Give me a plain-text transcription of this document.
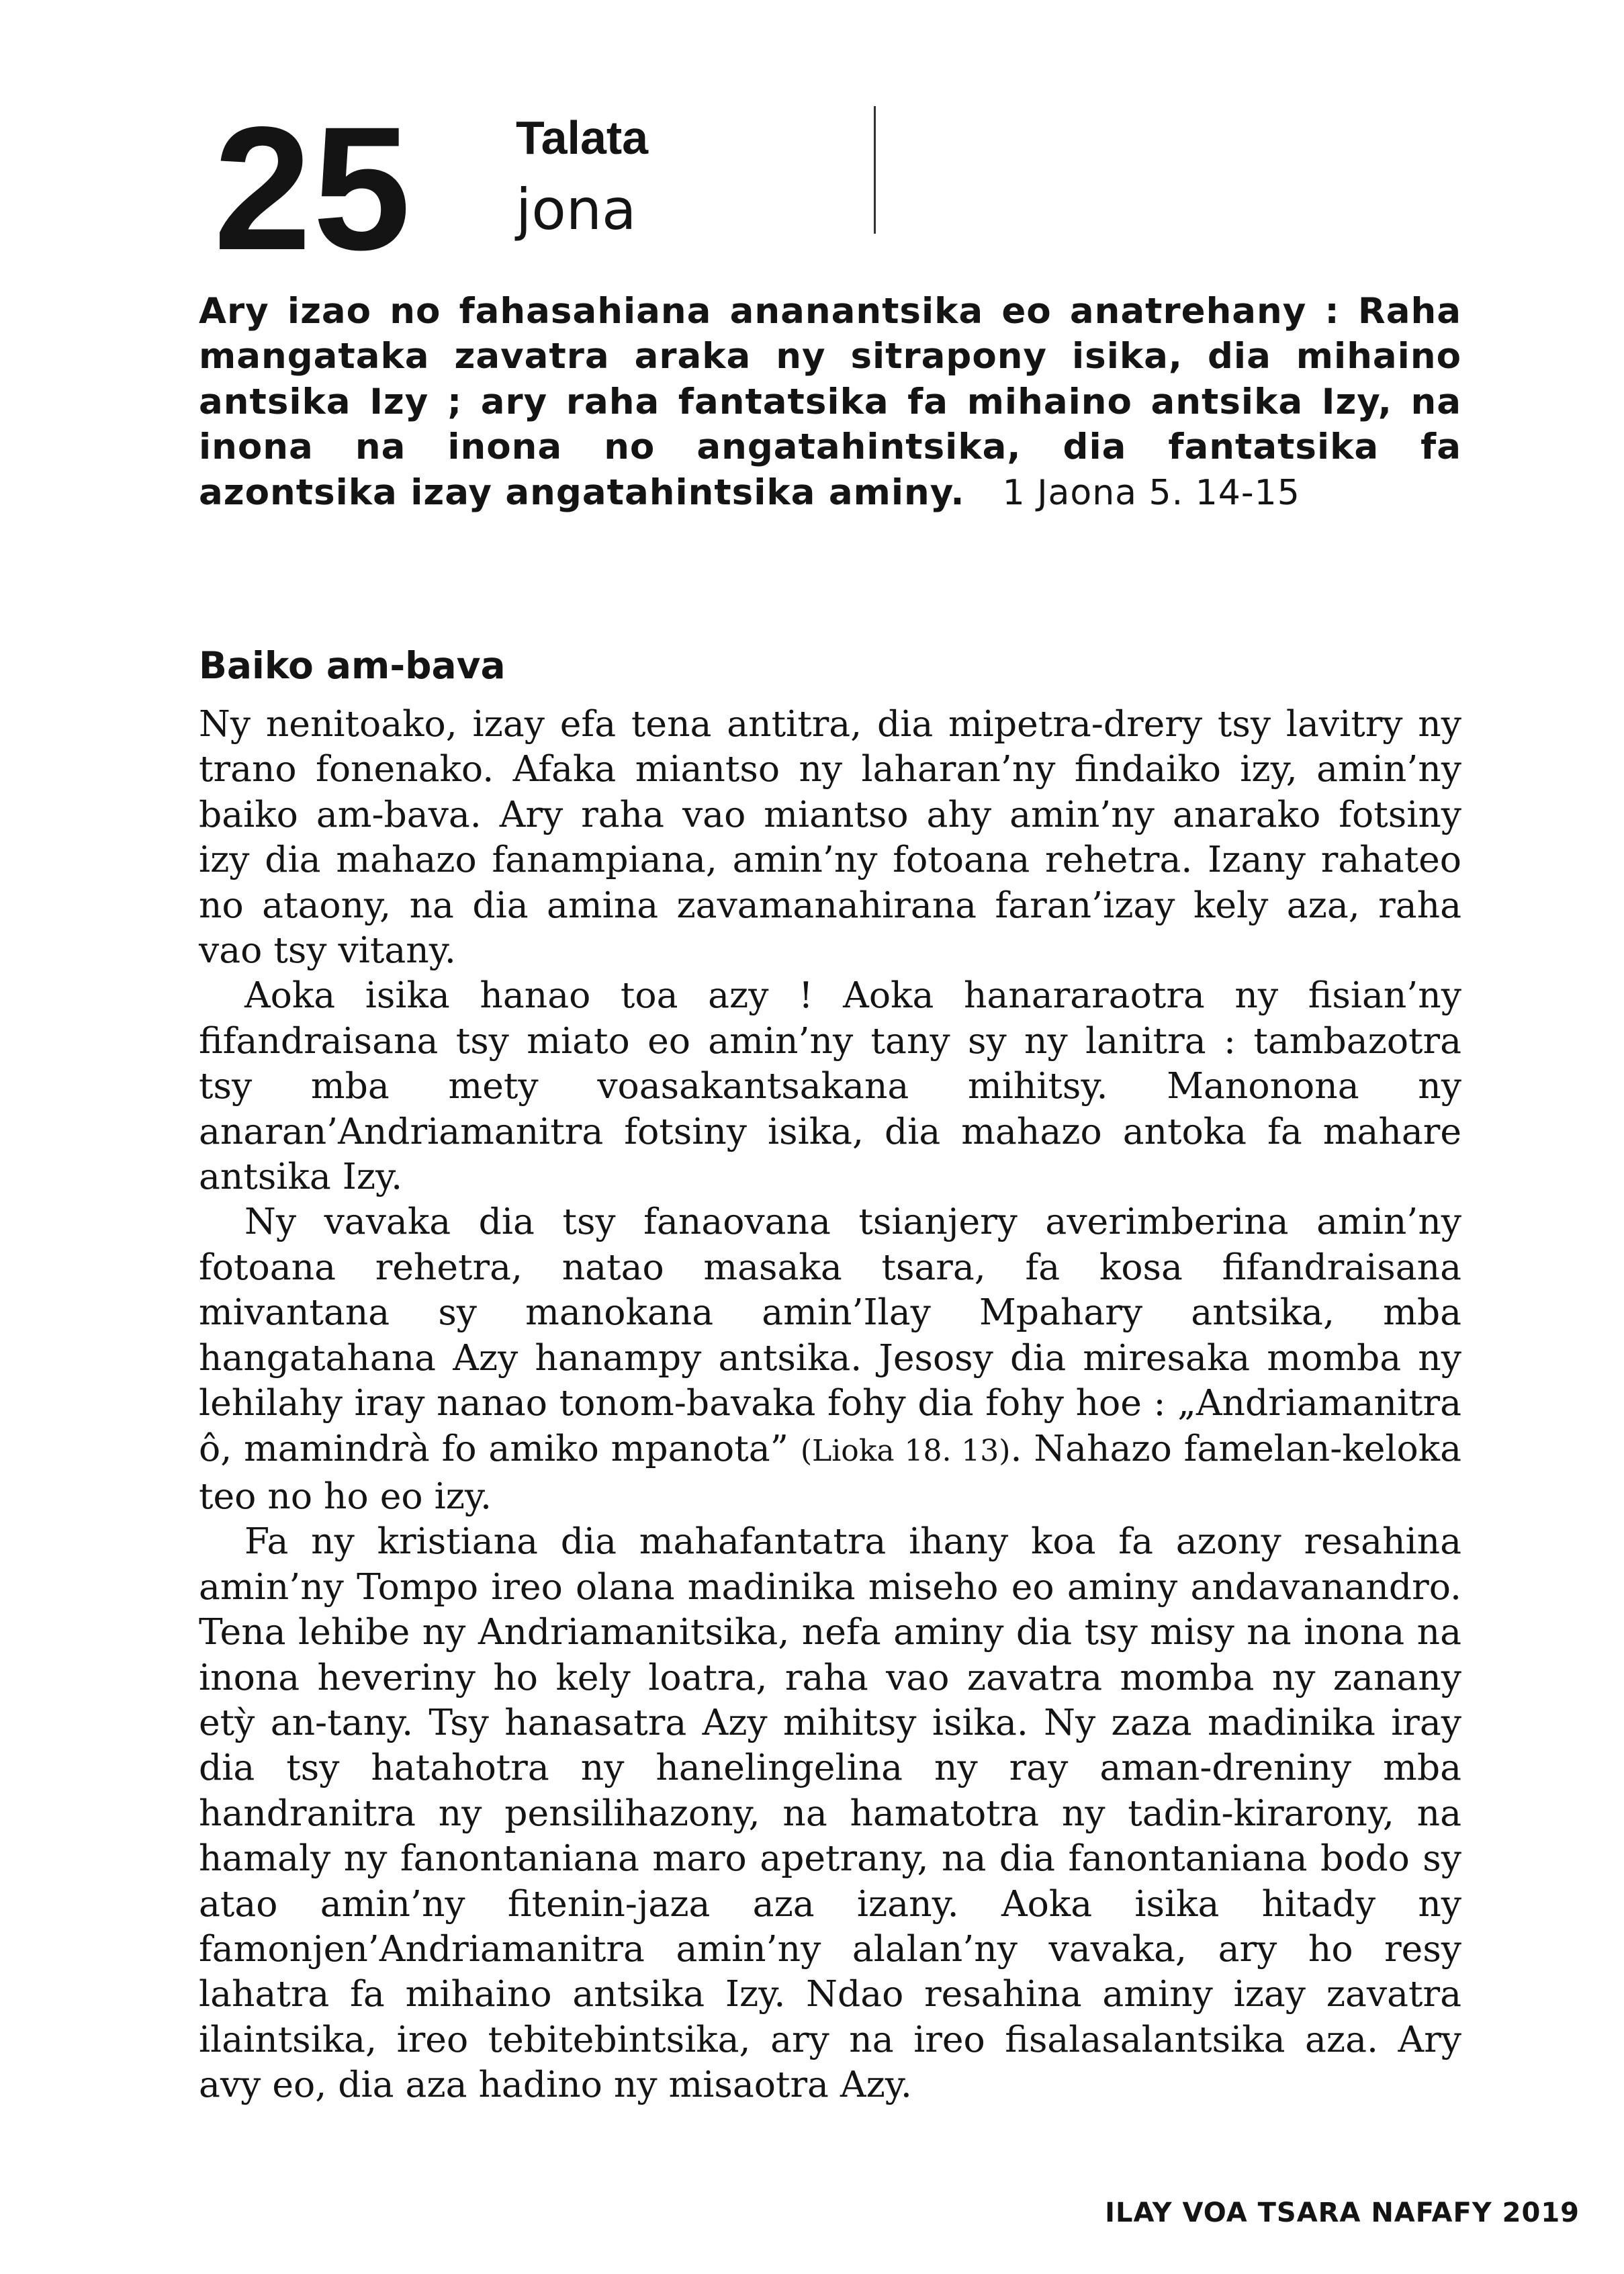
25 Talata
jona
Ary izao no fahasahiana ananantsika eo anatrehany : Raha mangataka zavatra araka ny sitrapony isika, dia mihaino antsika Izy ; ary raha fantatsika fa mihaino antsika Izy, na inona na inona no angatahintsika, dia fantatsika fa azontsika izay angatahintsika aminy. 1 Jaona 5. 14-15
Baiko am-bava

Ny nenitoako, izay efa tena antitra, dia mipetra-drery tsy lavitry ny trano fonenako. Afaka miantso ny laharan’ny findaiko izy, amin’ny baiko am-bava. Ary raha vao miantso ahy amin’ny anarako fotsiny izy dia mahazo fanampiana, amin’ny fotoana rehetra. Izany rahateo no ataony, na dia amina zavamanahirana faran’izay kely aza, raha vao tsy vitany.

Aoka isika hanao toa azy ! Aoka hanararaotra ny fisian’ny fifandraisana tsy miato eo amin’ny tany sy ny lanitra : tambazotra tsy mba mety voasakantsakana mihitsy. Manonona ny anaran’Andriamanitra fotsiny isika, dia mahazo antoka fa mahare antsika Izy.

Ny vavaka dia tsy fanaovana tsianjery averimberina amin’ny fotoana rehetra, natao masaka tsara, fa kosa fifandraisana mivantana sy manokana amin’Ilay Mpahary antsika, mba hangatahana Azy hanampy antsika. Jesosy dia miresaka momba ny lehilahy iray nanao tonom-bavaka fohy dia fohy hoe : „Andriamanitra ô, mamindrà fo amiko mpanota” (Lioka 18. 13). Nahazo famelan-keloka teo no ho eo izy.

Fa ny kristiana dia mahafantatra ihany koa fa azony resahina amin’ny Tompo ireo olana madinika miseho eo aminy andavanandro. Tena lehibe ny Andriamanitsika, nefa aminy dia tsy misy na inona na inona heveriny ho kely loatra, raha vao zavatra momba ny zanany etỳ an-tany. Tsy hanasatra Azy mihitsy isika. Ny zaza madinika iray dia tsy hatahotra ny hanelingelina ny ray aman-dreniny mba handranitra ny pensilihazony, na hamatotra ny tadin-kirarony, na hamaly ny fanontaniana maro apetrany, na dia fanontaniana bodo sy atao amin’ny fitenin-jaza aza izany. Aoka isika hitady ny famonjen’Andriamanitra amin’ny alalan’ny vavaka, ary ho resy lahatra fa mihaino antsika Izy. Ndao resahina aminy izay zavatra ilaintsika, ireo tebitebintsika, ary na ireo fisalasalantsika aza. Ary avy eo, dia aza hadino ny misaotra Azy.

ILAY VOA TSARA NAFAFY 2019
